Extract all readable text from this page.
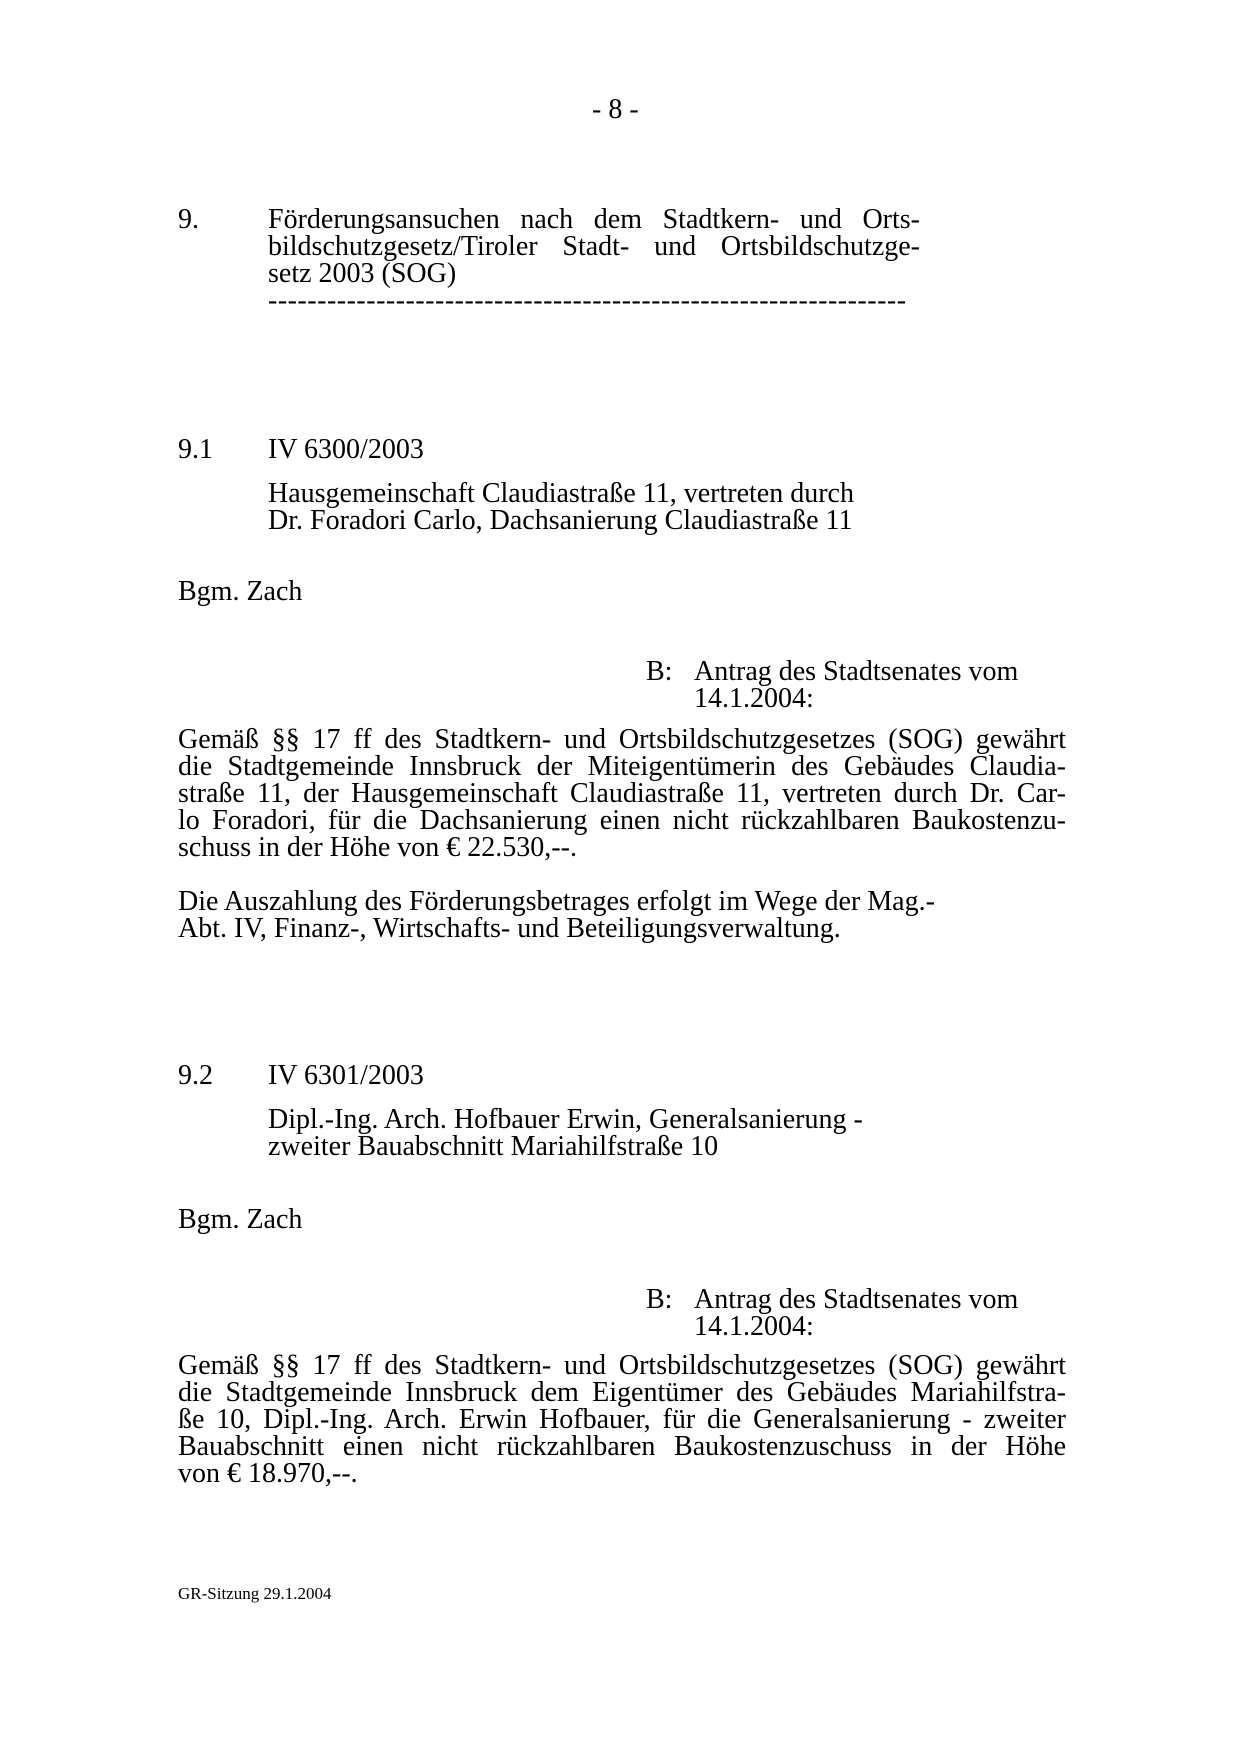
- 8 -
9. Förderungsansuchen nach dem Stadtkern- und Orts-
bildschutzgesetz/Tiroler Stadt- und Ortsbildschutzge-
setz 2003 (SOG)
-----------------------------------------------------------------
9.1 IV 6300/2003
Hausgemeinschaft Claudiastraße 11, vertreten durch
Dr. Foradori Carlo, Dachsanierung Claudiastraße 11
Bgm. Zach
B: Antrag des Stadtsenates vom
14.1.2004:
Gemäß §§ 17 ff des Stadtkern- und Ortsbildschutzgesetzes (SOG) gewährt
die Stadtgemeinde Innsbruck der Miteigentümerin des Gebäudes Claudia-
straße 11, der Hausgemeinschaft Claudiastraße 11, vertreten durch Dr. Car-
lo Foradori, für die Dachsanierung einen nicht rückzahlbaren Baukostenzu-
schuss in der Höhe von € 22.530,--.
Die Auszahlung des Förderungsbetrages erfolgt im Wege der Mag.-
Abt. IV, Finanz-, Wirtschafts- und Beteiligungsverwaltung.
9.2 IV 6301/2003
Dipl.-Ing. Arch. Hofbauer Erwin, Generalsanierung -
zweiter Bauabschnitt Mariahilfstraße 10
Bgm. Zach
B: Antrag des Stadtsenates vom
14.1.2004:
Gemäß §§ 17 ff des Stadtkern- und Ortsbildschutzgesetzes (SOG) gewährt
die Stadtgemeinde Innsbruck dem Eigentümer des Gebäudes Mariahilfstra-
ße 10, Dipl.-Ing. Arch. Erwin Hofbauer, für die Generalsanierung - zweiter
Bauabschnitt einen nicht rückzahlbaren Baukostenzuschuss in der Höhe
von € 18.970,--.
GR-Sitzung 29.1.2004
